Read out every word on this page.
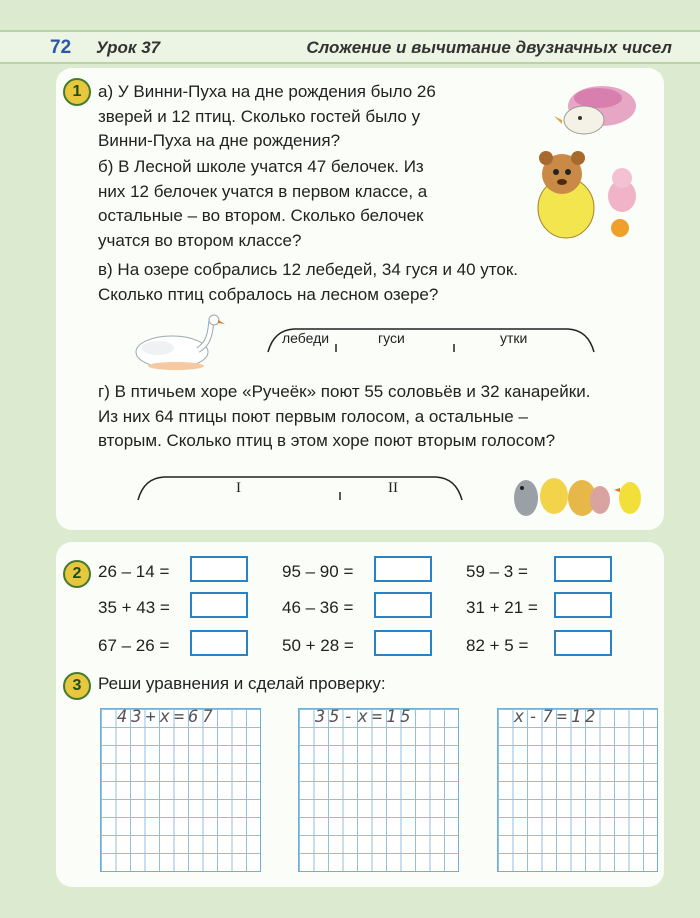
72 Урок 37	Сложение и вычитание двузначных чисел
1 а) У Винни-Пуха на дне рождения было 26
зверей и 12 птиц. Сколько гостей было у
Винни-Пуха на дне рождения?
б) В Лесной школе учатся 47 белочек. Из
них 12 белочек учатся в первом классе, а
остальные – во втором. Сколько белочек
учатся во втором классе?
в) На озере собрались 12 лебедей, 34 гуся и 40 уток.
Сколько птиц собралось на лесном озере?
лебеди	гуси	утки
г) В птичьем хоре «Ручеёк» поют 55 соловьёв и 32 канарейки.
Из них 64 птицы поют первым голосом, а остальные –
вторым. Сколько птиц в этом хоре поют вторым голосом?
I	II
2 26 – 14 =	95 – 90 =	59 – 3 =
35 + 43 =	46 – 36 =	31 + 21 =
67 – 26 =	50 + 28 =	82 + 5 =
3 Реши уравнения и сделай проверку:
43+x=67	35-x=15	x-7=12
